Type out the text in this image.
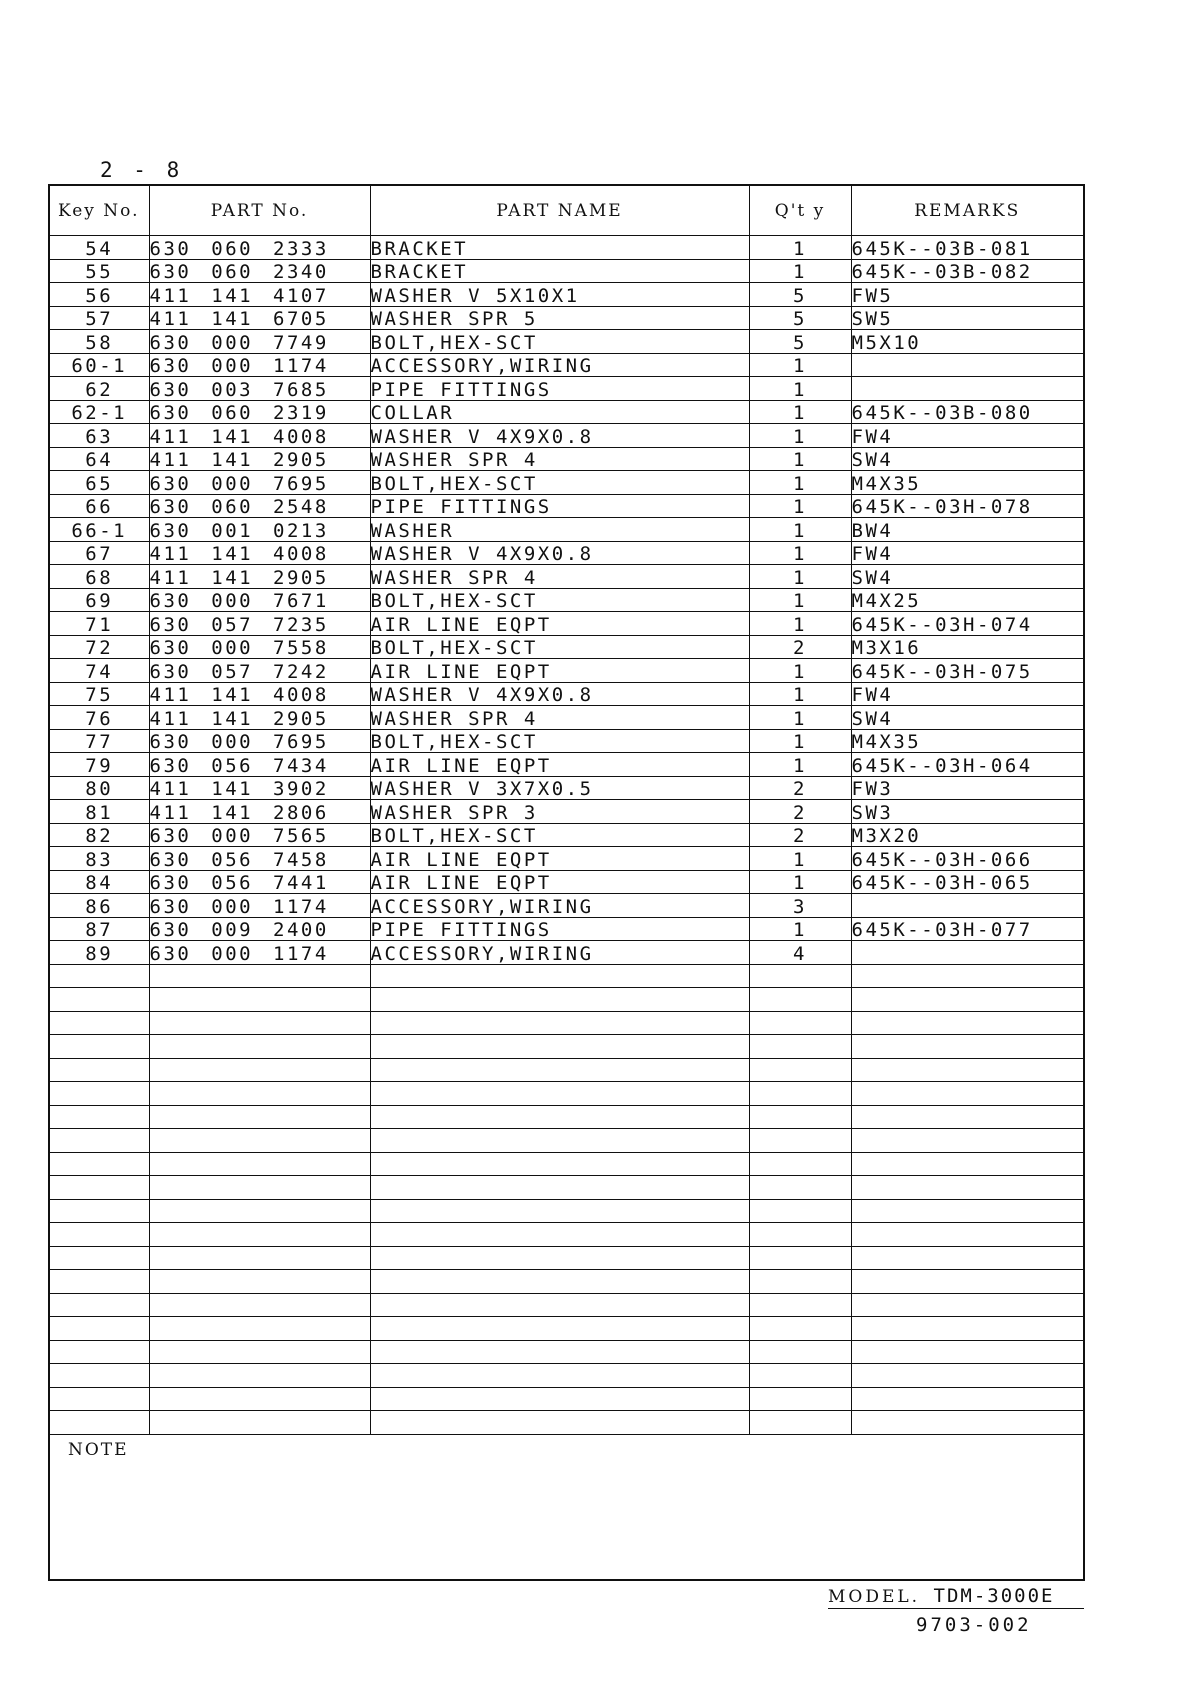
2 - 8
Key No.	PART No.	PART NAME	Q't y	REMARKS
54	630 060 2333	BRACKET	1	645K--03B-081
55	630 060 2340	BRACKET	1	645K--03B-082
56	411 141 4107	WASHER V 5X10X1	5	FW5
57	411 141 6705	WASHER SPR 5	5	SW5
58	630 000 7749	BOLT,HEX-SCT	5	M5X10
60-1	630 000 1174	ACCESSORY,WIRING	1	
62	630 003 7685	PIPE FITTINGS	1	
62-1	630 060 2319	COLLAR	1	645K--03B-080
63	411 141 4008	WASHER V 4X9X0.8	1	FW4
64	411 141 2905	WASHER SPR 4	1	SW4
65	630 000 7695	BOLT,HEX-SCT	1	M4X35
66	630 060 2548	PIPE FITTINGS	1	645K--03H-078
66-1	630 001 0213	WASHER	1	BW4
67	411 141 4008	WASHER V 4X9X0.8	1	FW4
68	411 141 2905	WASHER SPR 4	1	SW4
69	630 000 7671	BOLT,HEX-SCT	1	M4X25
71	630 057 7235	AIR LINE EQPT	1	645K--03H-074
72	630 000 7558	BOLT,HEX-SCT	2	M3X16
74	630 057 7242	AIR LINE EQPT	1	645K--03H-075
75	411 141 4008	WASHER V 4X9X0.8	1	FW4
76	411 141 2905	WASHER SPR 4	1	SW4
77	630 000 7695	BOLT,HEX-SCT	1	M4X35
79	630 056 7434	AIR LINE EQPT	1	645K--03H-064
80	411 141 3902	WASHER V 3X7X0.5	2	FW3
81	411 141 2806	WASHER SPR 3	2	SW3
82	630 000 7565	BOLT,HEX-SCT	2	M3X20
83	630 056 7458	AIR LINE EQPT	1	645K--03H-066
84	630 056 7441	AIR LINE EQPT	1	645K--03H-065
86	630 000 1174	ACCESSORY,WIRING	3	
87	630 009 2400	PIPE FITTINGS	1	645K--03H-077
89	630 000 1174	ACCESSORY,WIRING	4	

NOTE
MODEL. TDM-3000E
9703-002
